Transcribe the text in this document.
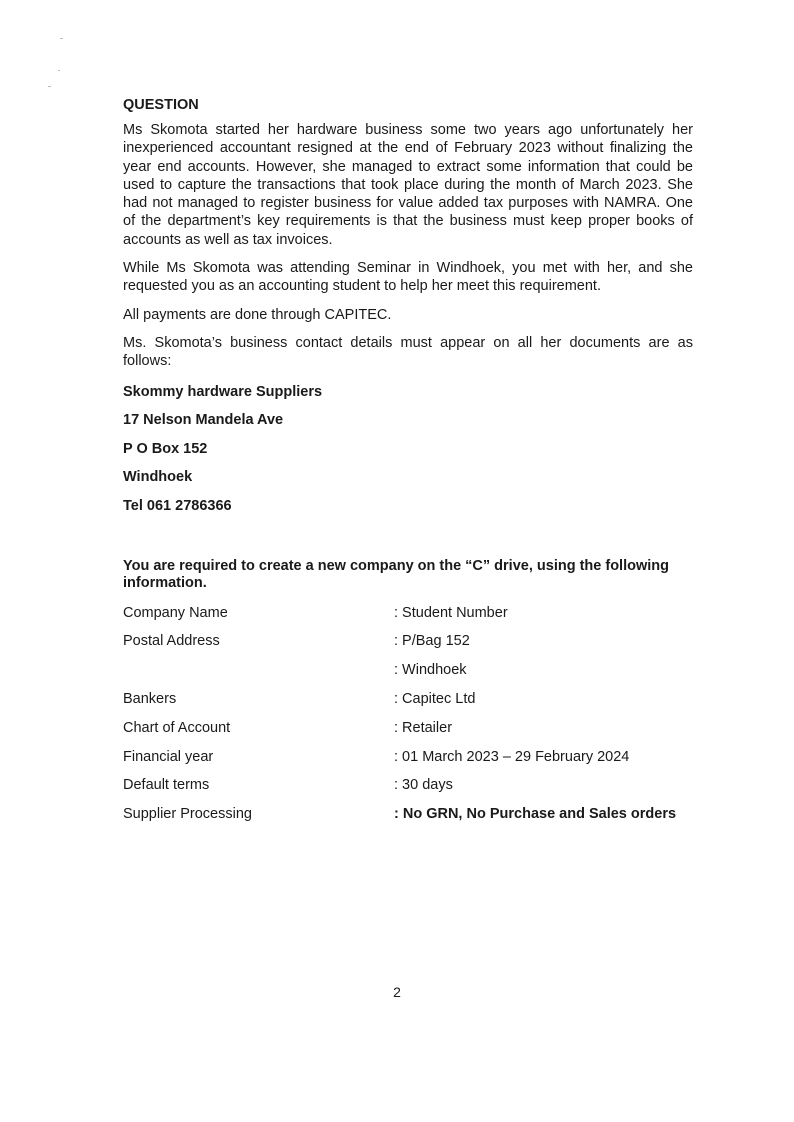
QUESTION

Ms Skomota started her hardware business some two years ago unfortunately her inexperienced accountant resigned at the end of February 2023 without finalizing the year end accounts. However, she managed to extract some information that could be used to capture the transactions that took place during the month of March 2023. She had not managed to register business for value added tax purposes with NAMRA. One of the department’s key requirements is that the business must keep proper books of accounts as well as tax invoices.

While Ms Skomota was attending Seminar in Windhoek, you met with her, and she requested you as an accounting student to help her meet this requirement.

All payments are done through CAPITEC.

Ms. Skomota’s business contact details must appear on all her documents are as follows:

Skommy hardware Suppliers
17 Nelson Mandela Ave
P O Box 152
Windhoek
Tel 061 2786366
You are required to create a new company on the “C” drive, using the following information.
Company Name	: Student Number
Postal Address	: P/Bag 152
: Windhoek
Bankers	: Capitec Ltd
Chart of Account	: Retailer
Financial year	: 01 March 2023 – 29 February 2024
Default terms	: 30 days
Supplier Processing	: No GRN, No Purchase and Sales orders
2
